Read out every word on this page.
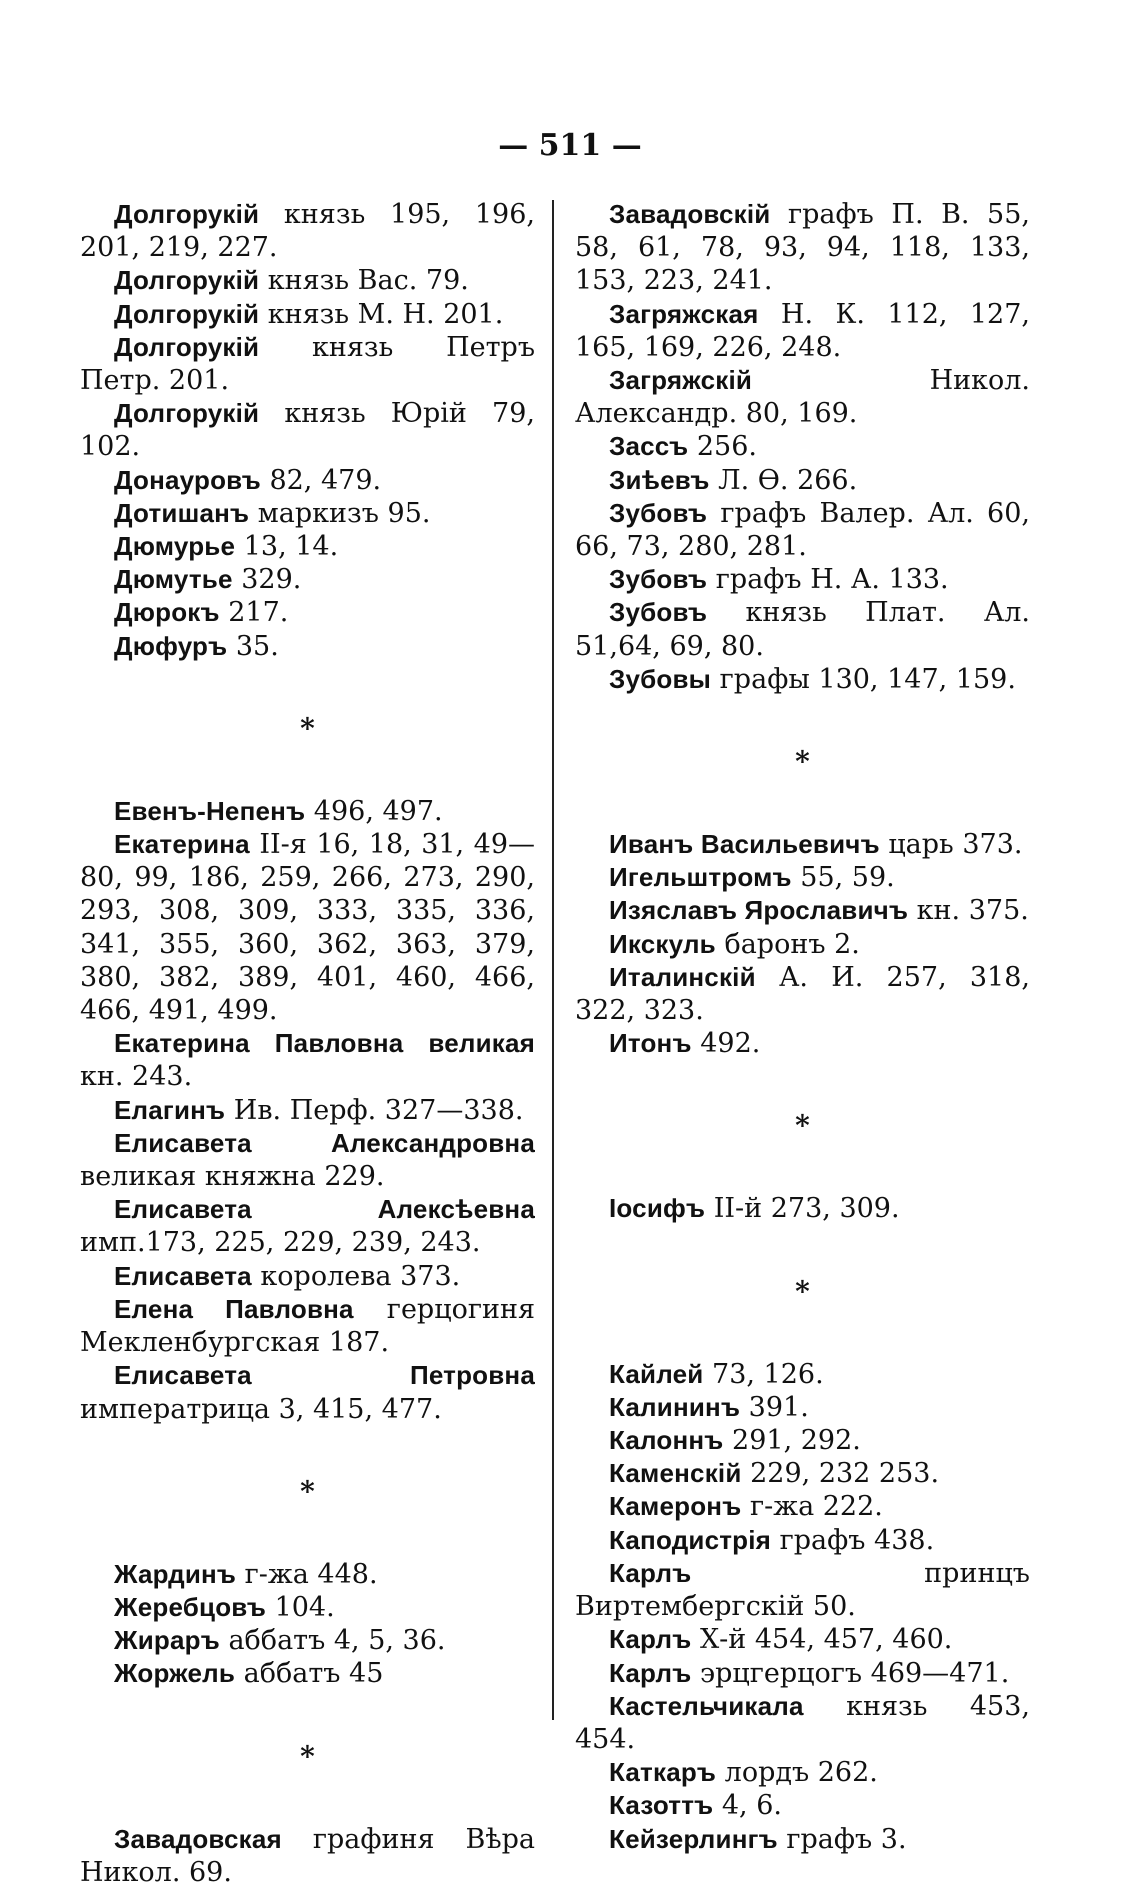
— 511 —

Долгорукій князь 195, 196, 201, 219, 227.

Долгорукій князь Вас. 79.

Долгорукій князь М. Н. 201.

Долгорукій князь Петръ Петр. 201.

Долгорукій князь Юрій 79, 102.

Донауровъ 82, 479.

Дотишанъ маркизъ 95.

Дюмурье 13, 14.

Дюмутье 329.

Дюрокъ 217.

Дюфуръ 35.

*

Евенъ-Непенъ 496, 497.

Екатерина II-я 16, 18, 31, 49—80, 99, 186, 259, 266, 273, 290, 293, 308, 309, 333, 335, 336, 341, 355, 360, 362, 363, 379, 380, 382, 389, 401, 460, 466, 466, 491, 499.

Екатерина Павловна великая кн. 243.

Елагинъ Ив. Перф. 327—338.

Елисавета Александровна великая княжна 229.

Елисавета Алексѣевна имп.173, 225, 229, 239, 243.

Елисавета королева 373.

Елена Павловна герцогиня Мекленбургская 187.

Елисавета Петровна императрица 3, 415, 477.

*

Жардинъ г-жа 448.

Жеребцовъ 104.

Жираръ аббатъ 4, 5, 36.

Жоржель аббатъ 45

*

Завадовская графиня Вѣра Никол. 69.

Завадовскій графъ П. В. 55, 58, 61, 78, 93, 94, 118, 133, 153, 223, 241.

Загряжская Н. К. 112, 127, 165, 169, 226, 248.

Загряжскій Никол. Александр. 80, 169.

Зассъ 256.

Зиѣевъ Л. Ѳ. 266.

Зубовъ графъ Валер. Ал. 60, 66, 73, 280, 281.

Зубовъ графъ Н. А. 133.

Зубовъ князь Плат. Ал. 51,64, 69, 80.

Зубовы графы 130, 147, 159.

*

Иванъ Васильевичъ царь 373.

Игельштромъ 55, 59.

Изяславъ Ярославичъ кн. 375.

Икскуль баронъ 2.

Италинскій А. И. 257, 318, 322, 323.

Итонъ 492.

*

Іосифъ II-й 273, 309.

*

Кайлей 73, 126.

Калининъ 391.

Калоннъ 291, 292.

Каменскій 229, 232 253.

Камеронъ г-жа 222.

Каподистрія графъ 438.

Карлъ принцъ Виртембергскій 50.

Карлъ Х-й 454, 457, 460.

Карлъ эрцгерцогъ 469—471.

Кастельчикала князь 453, 454.

Каткаръ лордъ 262.

Казоттъ 4, 6.

Кейзерлингъ графъ 3.
